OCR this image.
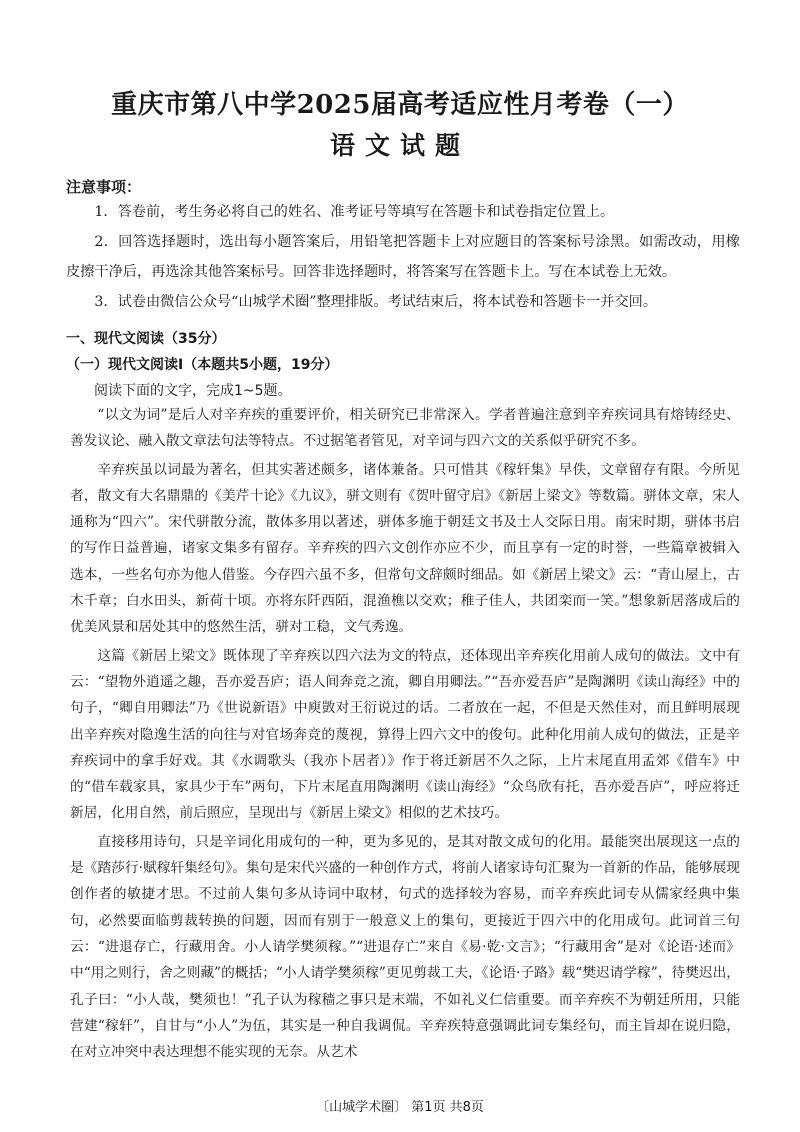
重庆市第八中学2025届高考适应性月考卷（一）
语文试题
注意事项：

1．答卷前，考生务必将自己的姓名、准考证号等填写在答题卡和试卷指定位置上。

2．回答选择题时，选出每小题答案后，用铅笔把答题卡上对应题目的答案标号涂黑。如需改动，用橡皮擦干净后，再选涂其他答案标号。回答非选择题时，将答案写在答题卡上。写在本试卷上无效。

3．试卷由微信公众号“山城学术圈”整理排版。考试结束后，将本试卷和答题卡一并交回。

一、现代文阅读（35分）
（一）现代文阅读Ⅰ（本题共5小题，19分）
阅读下面的文字，完成1~5题。

“以文为词”是后人对辛弃疾的重要评价，相关研究已非常深入。学者普遍注意到辛弃疾词具有熔铸经史、善发议论、融入散文章法句法等特点。不过据笔者管见，对辛词与四六文的关系似乎研究不多。

辛弃疾虽以词最为著名，但其实著述颇多，诸体兼备。只可惜其《稼轩集》早佚，文章留存有限。今所见者，散文有大名鼎鼎的《美芹十论》《九议》，骈文则有《贺叶留守启》《新居上梁文》等数篇。骈体文章，宋人通称为“四六”。宋代骈散分流，散体多用以著述，骈体多施于朝廷文书及士人交际日用。南宋时期，骈体书启的写作日益普遍，诸家文集多有留存。辛弃疾的四六文创作亦应不少，而且享有一定的时誉，一些篇章被辑入选本，一些名句亦为他人借鉴。今存四六虽不多，但常句文辞颇时细品。如《新居上梁文》云：“青山屋上，古木千章；白水田头，新荷十顷。亦将东阡西陌，混渔樵以交欢；稚子佳人，共团栾而一笑。”想象新居落成后的优美风景和居处其中的悠然生活，骈对工稳，文气秀逸。

这篇《新居上梁文》既体现了辛弃疾以四六法为文的特点，还体现出辛弃疾化用前人成句的做法。文中有云：“望物外逍遥之趣，吾亦爱吾庐；语人间奔竞之流，卿自用卿法。”“吾亦爱吾庐”是陶渊明《读山海经》中的句子，“卿自用卿法”乃《世说新语》中庾敳对王衍说过的话。二者放在一起，不但是天然佳对，而且鲜明展现出辛弃疾对隐逸生活的向往与对官场奔竞的蔑视，算得上四六文中的俊句。此种化用前人成句的做法，正是辛弃疾词中的拿手好戏。其《水调歌头（我亦卜居者）》作于将迁新居不久之际，上片末尾直用孟郊《借车》中的“借车载家具，家具少于车”两句，下片末尾直用陶渊明《读山海经》“众鸟欣有托，吾亦爱吾庐”，呼应将迁新居，化用自然，前后照应，呈现出与《新居上梁文》相似的艺术技巧。

直接移用诗句，只是辛词化用成句的一种，更为多见的，是其对散文成句的化用。最能突出展现这一点的是《踏莎行·赋稼轩集经句》。集句是宋代兴盛的一种创作方式，将前人诸家诗句汇聚为一首新的作品，能够展现创作者的敏捷才思。不过前人集句多从诗词中取材，句式的选择较为容易，而辛弃疾此词专从儒家经典中集句，必然要面临剪裁转换的问题，因而有别于一般意义上的集句，更接近于四六中的化用成句。此词首三句云：“进退存亡，行藏用舍。小人请学樊须稼。”“进退存亡”来自《易·乾·文言》；“行藏用舍”是对《论语·述而》中“用之则行，舍之则藏”的概括；“小人请学樊须稼”更见剪裁工夫，《论语·子路》载“樊迟请学稼”，待樊迟出，孔子曰：“小人哉，樊须也！”孔子认为稼穑之事只是末端，不如礼义仁信重要。而辛弃疾不为朝廷所用，只能营建“稼轩”，自甘与“小人”为伍，其实是一种自我调侃。辛弃疾特意强调此词专集经句，而主旨却在说归隐，在对立冲突中表达理想不能实现的无奈。从艺术

〔山城学术圈〕 第1页 共8页
